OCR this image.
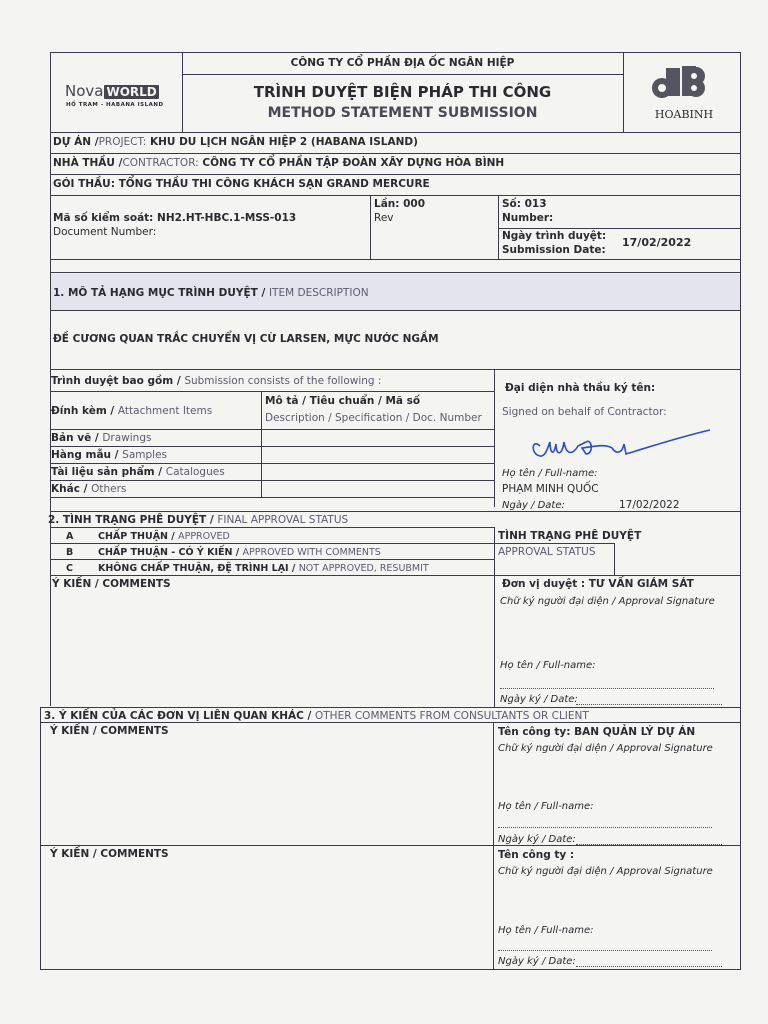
Nova WORLD
HỒ TRAM - HABANA ISLAND
CÔNG TY CỔ PHẦN ĐỊA ỐC NGÂN HIỆP
TRÌNH DUYỆT BIỆN PHÁP THI CÔNG
METHOD STATEMENT SUBMISSION	HOABINH
DỰ ÁN /PROJECT: KHU DU LỊCH NGÂN HIỆP 2 (HABANA ISLAND)
NHÀ THẦU /CONTRACTOR: CÔNG TY CỔ PHẦN TẬP ĐOÀN XÂY DỰNG HÒA BÌNH
GÓI THẦU: TỔNG THẦU THI CÔNG KHÁCH SẠN GRAND MERCURE
Mã số kiểm soát: NH2.HT-HBC.1-MSS-013
Document Number:
Lần: 000
Rev
Số: 013
Number:
Ngày trình duyệt:
Submission Date:
17/02/2022
1. MÔ TẢ HẠNG MỤC TRÌNH DUYỆT / ITEM DESCRIPTION
ĐỀ CƯƠNG QUAN TRẮC CHUYỂN VỊ CỪ LARSEN, MỰC NƯỚC NGẦM
Trình duyệt bao gồm / Submission consists of the following :
Đính kèm / Attachment Items
Mô tả / Tiêu chuẩn / Mã số
Description / Specification / Doc. Number
Bản vẽ / Drawings
Hàng mẫu / Samples
Tài liệu sản phẩm / Catalogues
Khác / Others
Đại diện nhà thầu ký tên:
Signed on behalf of Contractor:
Họ tên / Full-name:
PHẠM MINH QUỐC
Ngày / Date:	17/02/2022
2. TÌNH TRẠNG PHÊ DUYỆT / FINAL APPROVAL STATUS
A	CHẤP THUẬN / APPROVED
B	CHẤP THUẬN - CÓ Ý KIẾN / APPROVED WITH COMMENTS
C	KHÔNG CHẤP THUẬN, ĐỆ TRÌNH LẠI / NOT APPROVED, RESUBMIT
TÌNH TRẠNG PHÊ DUYỆT
APPROVAL STATUS
Ý KIẾN / COMMENTS	Đơn vị duyệt : TƯ VẤN GIÁM SÁT
Chữ ký người đại diện / Approval Signature
Họ tên / Full-name:
Ngày ký / Date:
3. Ý KIẾN CỦA CÁC ĐƠN VỊ LIÊN QUAN KHÁC / OTHER COMMENTS FROM CONSULTANTS OR CLIENT
Ý KIẾN / COMMENTS	Tên công ty: BAN QUẢN LÝ DỰ ÁN
Chữ ký người đại diện / Approval Signature
Họ tên / Full-name:
Ngày ký / Date:
Ý KIẾN / COMMENTS	Tên công ty :
Chữ ký người đại diện / Approval Signature
Họ tên / Full-name:
Ngày ký / Date:
